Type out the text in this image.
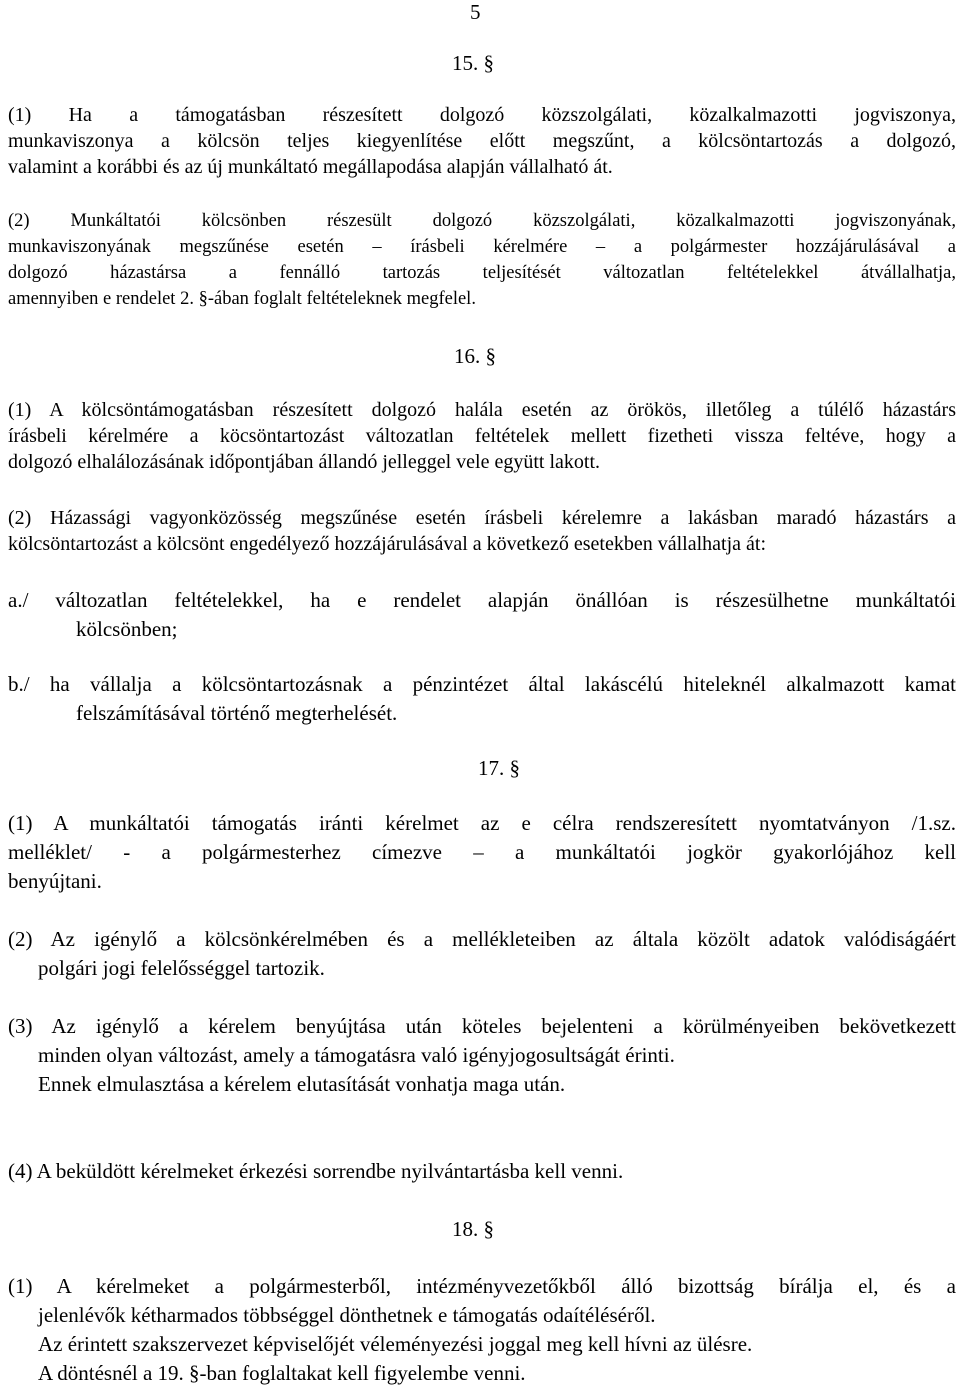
5
15. §
(1) Ha a támogatásban részesített dolgozó közszolgálati, közalkalmazotti jogviszonya,
munkaviszonya a kölcsön teljes kiegyenlítése előtt megszűnt, a kölcsöntartozás a dolgozó,
valamint a korábbi és az új munkáltató megállapodása alapján vállalható át.
(2) Munkáltatói kölcsönben részesült dolgozó közszolgálati, közalkalmazotti jogviszonyának,
munkaviszonyának megszűnése esetén – írásbeli kérelmére – a polgármester hozzájárulásával a
dolgozó házastársa a fennálló tartozás teljesítését változatlan feltételekkel átvállalhatja,
amennyiben e rendelet 2. §-ában foglalt feltételeknek megfelel.
16. §
(1) A kölcsöntámogatásban részesített dolgozó halála esetén az örökös, illetőleg a túlélő házastárs
írásbeli kérelmére a köcsöntartozást változatlan feltételek mellett fizetheti vissza feltéve, hogy a
dolgozó elhalálozásának időpontjában állandó jelleggel vele együtt lakott.
(2) Házassági vagyonközösség megszűnése esetén írásbeli kérelemre a lakásban maradó házastárs a
kölcsöntartozást a kölcsönt engedélyező hozzájárulásával a következő esetekben vállalhatja át:
a./ változatlan feltételekkel, ha e rendelet alapján önállóan is részesülhetne munkáltatói
kölcsönben;
b./ ha vállalja a kölcsöntartozásnak a pénzintézet által lakáscélú hiteleknél alkalmazott kamat
felszámításával történő megterhelését.
17. §
(1) A munkáltatói támogatás iránti kérelmet az e célra rendszeresített nyomtatványon /1.sz.
melléklet/ - a polgármesterhez címezve – a munkáltatói jogkör gyakorlójához kell
benyújtani.
(2) Az igénylő a kölcsönkérelmében és a mellékleteiben az általa közölt adatok valódiságáért
polgári jogi felelősséggel tartozik.
(3) Az igénylő a kérelem benyújtása után köteles bejelenteni a körülményeiben bekövetkezett
minden olyan változást, amely a támogatásra való igényjogosultságát érinti.
Ennek elmulasztása a kérelem elutasítását vonhatja maga után.
(4) A beküldött kérelmeket érkezési sorrendbe nyilvántartásba kell venni.
18. §
(1) A kérelmeket a polgármesterből, intézményvezetőkből álló bizottság bírálja el, és a
jelenlévők kétharmados többséggel dönthetnek e támogatás odaítéléséről.
Az érintett szakszervezet képviselőjét véleményezési joggal meg kell hívni az ülésre.
A döntésnél a 19. §-ban foglaltakat kell figyelembe venni.
